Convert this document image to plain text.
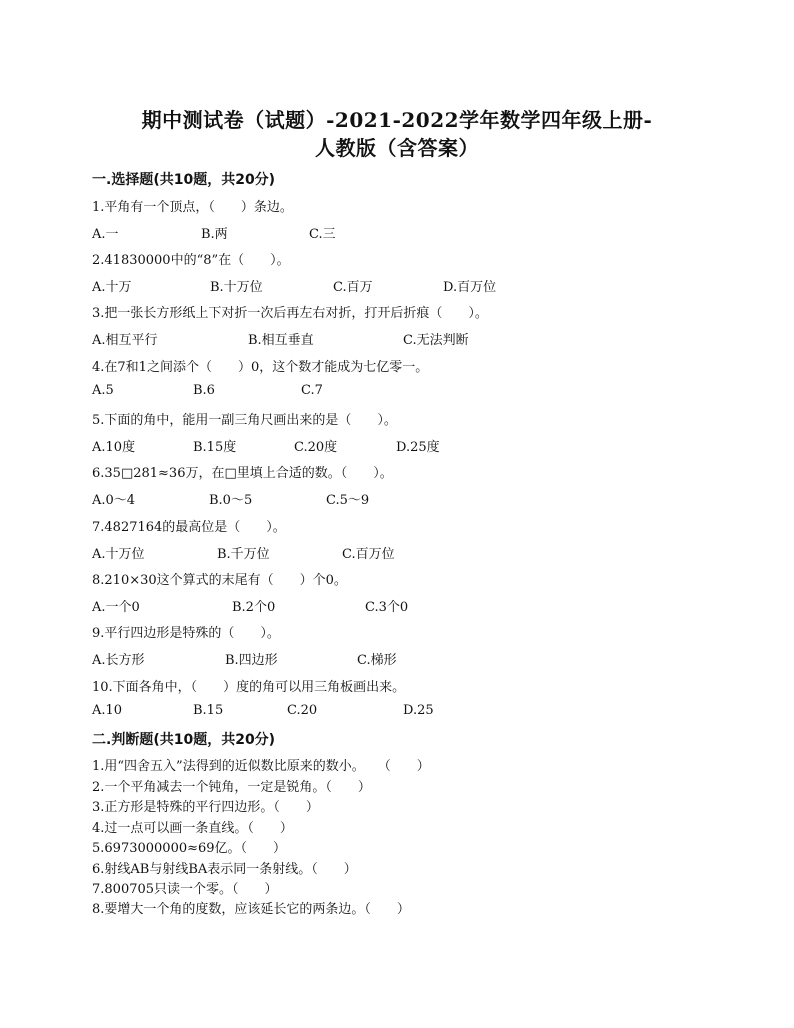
期中测试卷（试题）-2021-2022学年数学四年级上册-
人教版（含答案）
一.选择题(共10题，共20分)
1.平角有一个顶点，（　　）条边。
A.一	B.两	C.三
2.41830000中的“8”在（　　）。
A.十万	B.十万位	C.百万	D.百万位
3.把一张长方形纸上下对折一次后再左右对折，打开后折痕（　　）。
A.相互平行	B.相互垂直	C.无法判断
4.在7和1之间添个（　　）0，这个数才能成为七亿零一。
A.5	B.6	C.7
5.下面的角中，能用一副三角尺画出来的是（　　）。
A.10度	B.15度	C.20度	D.25度
6.35□281≈36万，在□里填上合适的数。（　　）。
A.0～4	B.0～5	C.5～9
7.4827164的最高位是（　　）。
A.十万位	B.千万位	C.百万位
8.210×30这个算式的末尾有（　　）个0。
A.一个0	B.2个0	C.3个0
9.平行四边形是特殊的（　　）。
A.长方形	B.四边形	C.梯形
10.下面各角中，（　　）度的角可以用三角板画出来。
A.10	B.15	C.20	D.25
二.判断题(共10题，共20分)
1.用“四舍五入”法得到的近似数比原来的数小。　　（　　）
2.一个平角减去一个钝角，一定是锐角。（　　）
3.正方形是特殊的平行四边形。（　　）
4.过一点可以画一条直线。（　　）
5.6973000000≈69亿。（　　）
6.射线AB与射线BA表示同一条射线。（　　）
7.800705只读一个零。（　　）
8.要增大一个角的度数，应该延长它的两条边。（　　）
